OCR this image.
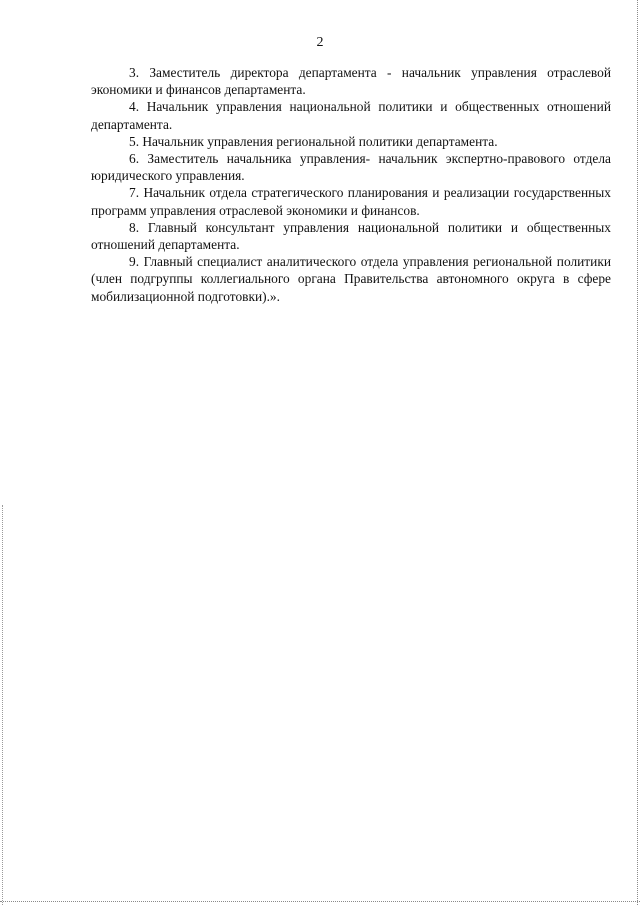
2

3. Заместитель директора департамента - начальник управления отраслевой экономики и финансов департамента.

4. Начальник управления национальной политики и общественных отношений департамента.

5. Начальник управления региональной политики департамента.

6. Заместитель начальника управления- начальник экспертно-правового отдела юридического управления.

7. Начальник отдела стратегического планирования и реализации государственных программ управления отраслевой экономики и финансов.

8. Главный консультант управления национальной политики и общественных отношений департамента.

9. Главный специалист аналитического отдела управления региональной политики (член подгруппы коллегиального органа Правительства автономного округа в сфере мобилизационной подготовки).».
